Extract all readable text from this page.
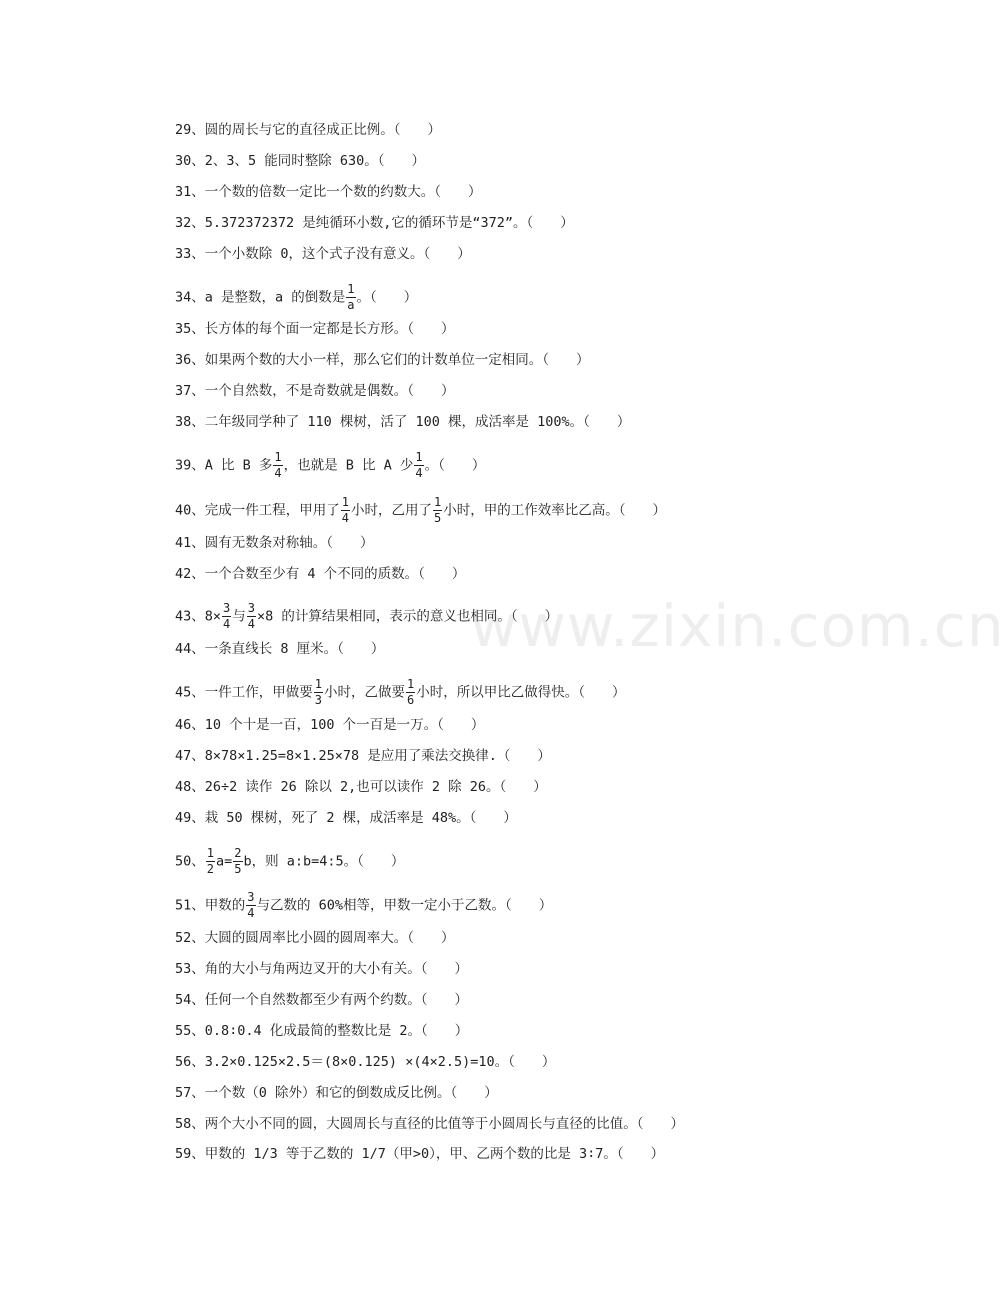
29、圆的周长与它的直径成正比例。（　　）
30、2、3、5 能同时整除 630。（　　）
31、一个数的倍数一定比一个数的约数大。（　　）
32、5.372372372 是纯循环小数,它的循环节是“372”。（　　）
33、一个小数除 0，这个式子没有意义。（　　）
34、a 是整数，a 的倒数是 $\frac{1}{a}$ 。（　　）
35、长方体的每个面一定都是长方形。（　　）
36、如果两个数的大小一样，那么它们的计数单位一定相同。（　　）
37、一个自然数，不是奇数就是偶数。（　　）
38、二年级同学种了 110 棵树，活了 100 棵，成活率是 100%。（　　）
39、A 比 B 多 $\frac{1}{4}$ ，也就是 B 比 A 少 $\frac{1}{4}$ 。（　　）
40、完成一件工程，甲用了 $\frac{1}{4}$ 小时，乙用了 $\frac{1}{5}$ 小时，甲的工作效率比乙高。（　　）
41、圆有无数条对称轴。（　　）
42、一个合数至少有 4 个不同的质数。（　　）
43、$8\times \frac{3}{4}$ 与 $\frac{3}{4} \times 8$ 的计算结果相同，表示的意义也相同。（　　）
44、一条直线长 8 厘米。（　　）
45、一件工作，甲做要 $\frac{1}{3}$ 小时，乙做要 $\frac{1}{6}$ 小时，所以甲比乙做得快。（　　）
46、10 个十是一百，100 个一百是一万。（　　）
47、8×78×1.25=8×1.25×78 是应用了乘法交换律.（　　）
48、26÷2 读作 26 除以 2,也可以读作 2 除 26。（　　）
49、栽 50 棵树，死了 2 棵，成活率是 48%。（　　）
50、 $\frac{1}{2} a= \frac{2}{5}$ b，则 a:b=4:5。（　　）
51、甲数的 $\frac{3}{4}$ 与乙数的 60%相等，甲数一定小于乙数。（　　）
52、大圆的圆周率比小圆的圆周率大。（　　）
53、角的大小与角两边叉开的大小有关。（　　）
54、任何一个自然数都至少有两个约数。（　　）
55、0.8∶0.4 化成最简的整数比是 2。（　　）
56、3.2×0.125×2.5＝(8×0.125) ×(4×2.5)=10。（　　）
57、一个数（0 除外）和它的倒数成反比例。（　　）
58、两个大小不同的圆，大圆周长与直径的比值等于小圆周长与直径的比值。（　　）
59、甲数的 1/3 等于乙数的 1/7（甲>0），甲、乙两个数的比是 3∶7。（　　）
www.zixin.com.cn
